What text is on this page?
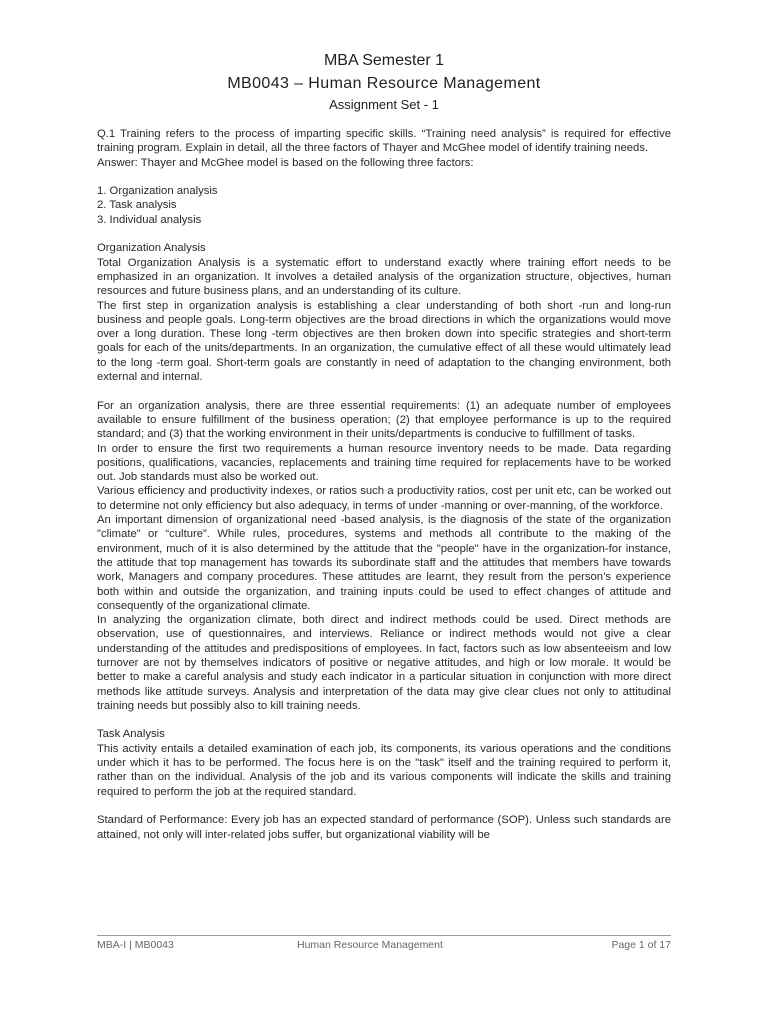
MBA Semester 1
MB0043 – Human Resource Management
Assignment Set - 1

Q.1 Training refers to the process of imparting specific skills. “Training need analysis” is required for effective training program. Explain in detail, all the three factors of Thayer and McGhee model of identify training needs.

Answer: Thayer and McGhee model is based on the following three factors:

1. Organization analysis
2. Task analysis
3. Individual analysis

Organization Analysis

Total Organization Analysis is a systematic effort to understand exactly where training effort needs to be emphasized in an organization. It involves a detailed analysis of the organization structure, objectives, human resources and future business plans, and an understanding of its culture.

The first step in organization analysis is establishing a clear understanding of both short -run and long-run business and people goals. Long-term objectives are the broad directions in which the organizations would move over a long duration. These long -term objectives are then broken down into specific strategies and short-term goals for each of the units/departments. In an organization, the cumulative effect of all these would ultimately lead to the long -term goal. Short-term goals are constantly in need of adaptation to the changing environment, both external and internal.

For an organization analysis, there are three essential requirements: (1) an adequate number of employees available to ensure fulfillment of the business operation; (2) that employee performance is up to the required standard; and (3) that the working environment in their units/departments is conducive to fulfillment of tasks.

In order to ensure the first two requirements a human resource inventory needs to be made. Data regarding positions, qualifications, vacancies, replacements and training time required for replacements have to be worked out. Job standards must also be worked out.

Various efficiency and productivity indexes, or ratios such a productivity ratios, cost per unit etc, can be worked out to determine not only efficiency but also adequacy, in terms of under -manning or over-manning, of the workforce.

An important dimension of organizational need -based analysis, is the diagnosis of the state of the organization "climate" or “culture”. While rules, procedures, systems and methods all contribute to the making of the environment, much of it is also determined by the attitude that the "people" have in the organization-for instance, the attitude that top management has towards its subordinate staff and the attitudes that members have towards work, Managers and company procedures. These attitudes are learnt, they result from the person’s experience both within and outside the organization, and training inputs could be used to effect changes of attitude and consequently of the organizational climate.

In analyzing the organization climate, both direct and indirect methods could be used. Direct methods are observation, use of questionnaires, and interviews. Reliance or indirect methods would not give a clear understanding of the attitudes and predispositions of employees. In fact, factors such as low absenteeism and low turnover are not by themselves indicators of positive or negative attitudes, and high or low morale. It would be better to make a careful analysis and study each indicator in a particular situation in conjunction with more direct methods like attitude surveys. Analysis and interpretation of the data may give clear clues not only to attitudinal training needs but possibly also to kill training needs.

Task Analysis

This activity entails a detailed examination of each job, its components, its various operations and the conditions under which it has to be performed. The focus here is on the "task" itself and the training required to perform it, rather than on the individual. Analysis of the job and its various components will indicate the skills and training required to perform the job at the required standard.

Standard of Performance: Every job has an expected standard of performance (SOP). Unless such standards are attained, not only will inter-related jobs suffer, but organizational viability will be

MBA-I | MB0043	Human Resource Management	Page 1 of 17
